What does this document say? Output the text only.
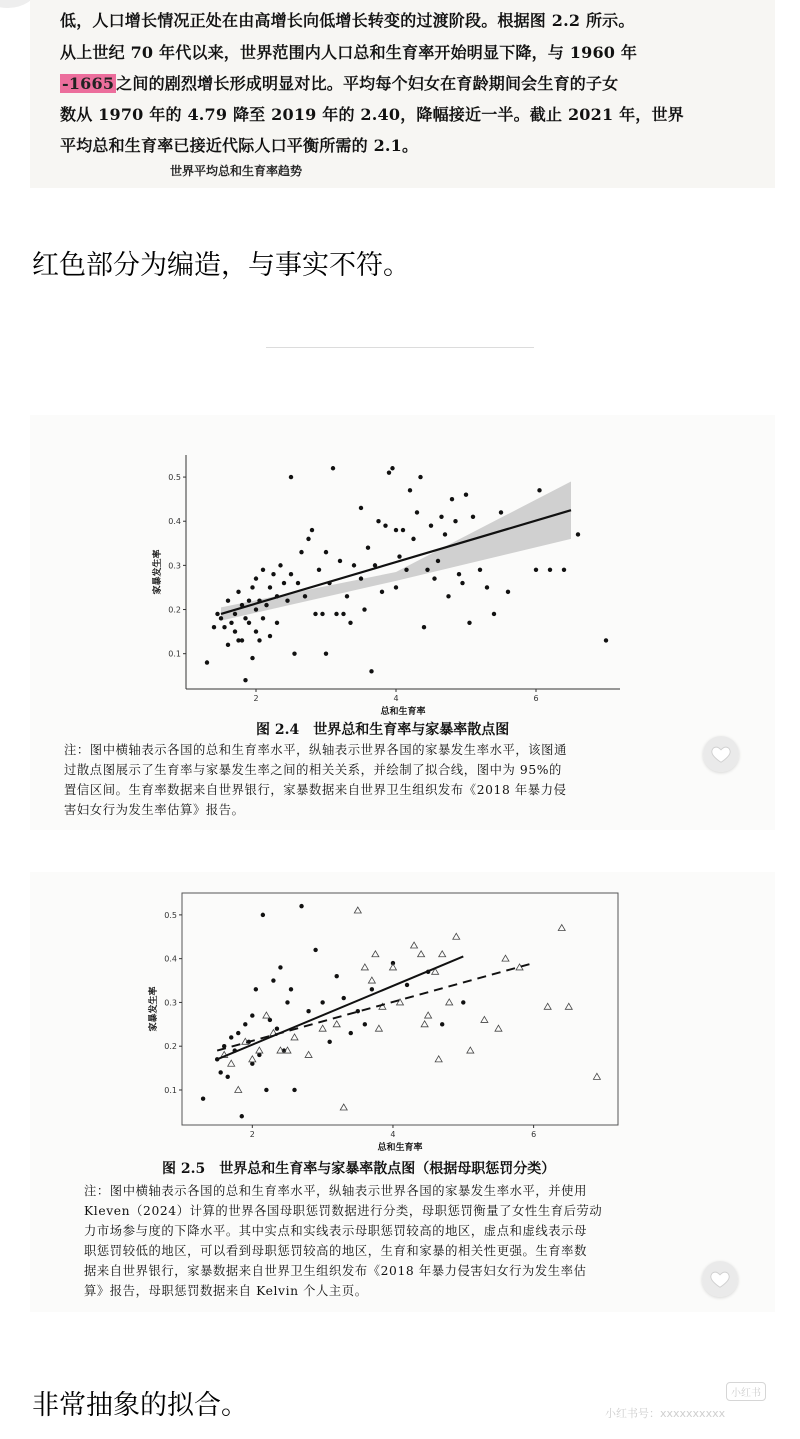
低，人口增长情况正处在由高增长向低增长转变的过渡阶段。根据图 2.2 所示。
从上世纪 70 年代以来，世界范围内人口总和生育率开始明显下降，与 1960 年
-1665 之间的剧烈增长形成明显对比。平均每个妇女在育龄期间会生育的子女
数从 1970 年的 4.79 降至 2019 年的 2.40，降幅接近一半。截止 2021 年，世界
平均总和生育率已接近代际人口平衡所需的 2.1。
世界平均总和生育率趋势
红色部分为编造，与事实不符。
2	4	6
0.1
0.2
0.3
0.4
0.5
总和生育率
家暴发生率
图 2.4　世界总和生育率与家暴率散点图
注：图中横轴表示各国的总和生育率水平，纵轴表示世界各国的家暴发生率水平，该图通
过散点图展示了生育率与家暴发生率之间的相关关系，并绘制了拟合线，图中为 95%的
置信区间。生育率数据来自世界银行，家暴数据来自世界卫生组织发布《2018 年暴力侵
害妇女行为发生率估算》报告。
2	4	6
0.1
0.2
0.3
0.4
0.5
总和生育率
家暴发生率
图 2.5　世界总和生育率与家暴率散点图（根据母职惩罚分类）
注：图中横轴表示各国的总和生育率水平，纵轴表示世界各国的家暴发生率水平，并使用
Kleven（2024）计算的世界各国母职惩罚数据进行分类，母职惩罚衡量了女性生育后劳动
力市场参与度的下降水平。其中实点和实线表示母职惩罚较高的地区，虚点和虚线表示母
职惩罚较低的地区，可以看到母职惩罚较高的地区，生育和家暴的相关性更强。生育率数
据来自世界银行，家暴数据来自世界卫生组织发布《2018 年暴力侵害妇女行为发生率估
算》报告，母职惩罚数据来自 Kelvin 个人主页。
非常抽象的拟合。	小红书
小红书号：xxxxxxxxxx
